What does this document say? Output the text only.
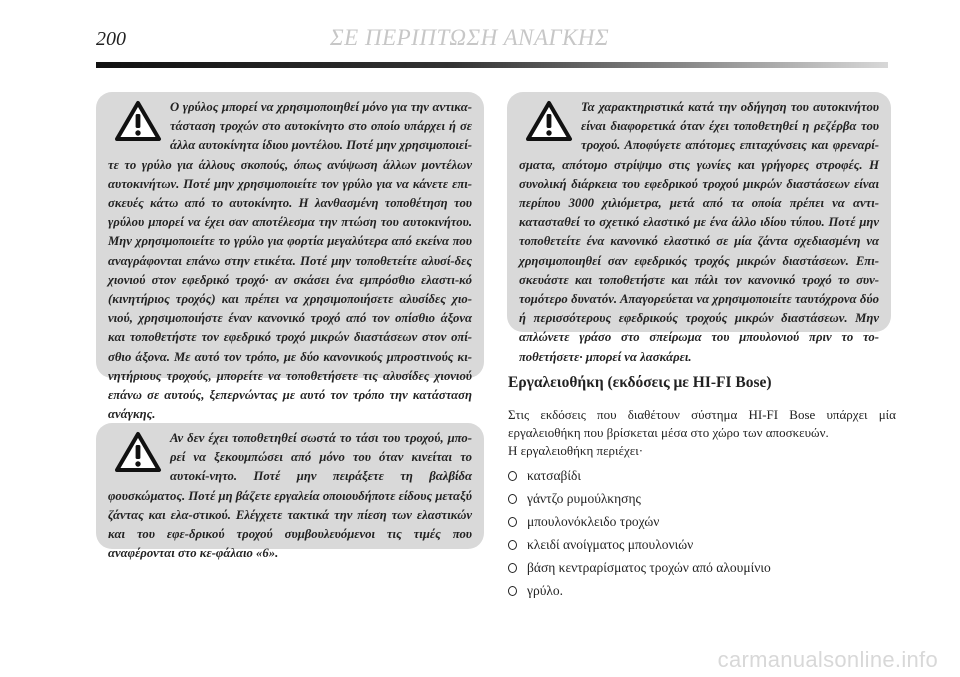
200	ΣΕ ΠΕΡΙΠΤΩΣΗ ΑΝΑΓΚΗΣ
Ο γρύλος μπορεί να χρησιμοποιηθεί μόνο για την αντικα-τάσταση τροχών στο αυτοκίνητο στο οποίο υπάρχει ή σε άλλα αυτοκίνητα ίδιου μοντέλου. Ποτέ μην χρησιμοποιεί-τε το γρύλο για άλλους σκοπούς, όπως ανύψωση άλλων μοντέλων αυτοκινήτων. Ποτέ μην χρησιμοποιείτε τον γρύλο για να κάνετε επι-σκευές κάτω από το αυτοκίνητο. Η λανθασμένη τοποθέτηση του γρύλου μπορεί να έχει σαν αποτέλεσμα την πτώση του αυτοκινήτου. Μην χρησιμοποιείτε το γρύλο για φορτία μεγαλύτερα από εκείνα που αναγράφονται επάνω στην ετικέτα. Ποτέ μην τοποθετείτε αλυσί-δες χιονιού στον εφεδρικό τροχό· αν σκάσει ένα εμπρόσθιο ελαστι-κό (κινητήριος τροχός) και πρέπει να χρησιμοποιήσετε αλυσίδες χιο-νιού, χρησιμοποιήστε έναν κανονικό τροχό από τον οπίσθιο άξονα και τοποθετήστε τον εφεδρικό τροχό μικρών διαστάσεων στον οπί-σθιο άξονα. Με αυτό τον τρόπο, με δύο κανονικούς μπροστινούς κι-νητήριους τροχούς, μπορείτε να τοποθετήσετε τις αλυσίδες χιονιού επάνω σε αυτούς, ξεπερνώντας με αυτό τον τρόπο την κατάσταση ανάγκης.
Αν δεν έχει τοποθετηθεί σωστά το τάσι του τροχού, μπο-ρεί να ξεκουμπώσει από μόνο του όταν κινείται το αυτοκί-νητο. Ποτέ μην πειράξετε τη βαλβίδα φουσκώματος. Ποτέ μη βάζετε εργαλεία οποιουδήποτε είδους μεταξύ ζάντας και ελα-στικού. Ελέγχετε τακτικά την πίεση των ελαστικών και του εφε-δρικού τροχού συμβουλευόμενοι τις τιμές που αναφέρονται στο κε-φάλαιο «6».
Τα χαρακτηριστικά κατά την οδήγηση του αυτοκινήτου είναι διαφορετικά όταν έχει τοποθετηθεί η ρεζέρβα του τροχού. Αποφύγετε απότομες επιταχύνσεις και φρεναρί-σματα, απότομο στρίψιμο στις γωνίες και γρήγορες στροφές. Η συνολική διάρκεια του εφεδρικού τροχού μικρών διαστάσεων είναι περίπου 3000 χιλιόμετρα, μετά από τα οποία πρέπει να αντι-κατασταθεί το σχετικό ελαστικό με ένα άλλο ιδίου τύπου. Ποτέ μην τοποθετείτε ένα κανονικό ελαστικό σε μία ζάντα σχεδιασμένη να χρησιμοποιηθεί σαν εφεδρικός τροχός μικρών διαστάσεων. Επι-σκευάστε και τοποθετήστε και πάλι τον κανονικό τροχό το συν-τομότερο δυνατόν. Απαγορεύεται να χρησιμοποιείτε ταυτόχρονα δύο ή περισσότερους εφεδρικούς τροχούς μικρών διαστάσεων. Μην απλώνετε γράσο στο σπείρωμα του μπουλονιού πριν το το-ποθετήσετε· μπορεί να λασκάρει.
Εργαλειοθήκη (εκδόσεις με HI-FI Bose)

Στις εκδόσεις που διαθέτουν σύστημα HI-FI Bose υπάρχει μία εργαλειοθήκη που βρίσκεται μέσα στο χώρο των αποσκευών.

Η εργαλειοθήκη περιέχει·

κατσαβίδι
γάντζο ρυμούλκησης
μπουλονόκλειδο τροχών
κλειδί ανοίγματος μπουλονιών
βάση κεντραρίσματος τροχών από αλουμίνιο
γρύλο.
carmanualsonline.info
